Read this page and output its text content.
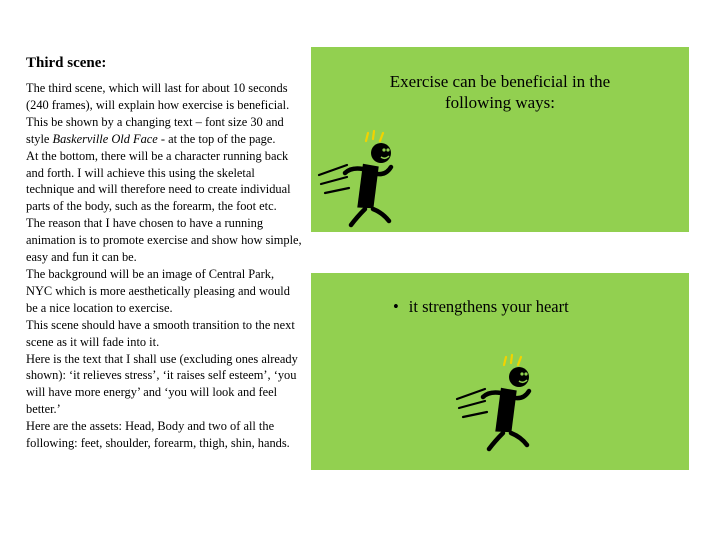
Third scene:

The third scene, which will last for about 10 seconds (240 frames), will explain how exercise is beneficial. This be shown by a changing text – font size 30 and style Baskerville Old Face - at the top of the page.

At the bottom, there will be a character running back and forth. I will achieve this using the skeletal technique and will therefore need to create individual parts of the body, such as the forearm, the foot etc.

The reason that I have chosen to have a running animation is to promote exercise and show how simple, easy and fun it can be.

The background will be an image of Central Park, NYC which is more aesthetically pleasing and would be a nice location to exercise.

This scene should have a smooth transition to the next scene as it will fade into it.

Here is the text that I shall use (excluding ones already shown): ‘it relieves stress’, ‘it raises self esteem’, ‘you will have more energy’ and ‘you will look and feel better.’

Here are the assets: Head, Body and two of all the following: feet, shoulder, forearm, thigh, shin, hands.

Exercise can be beneficial in the
following ways:
• it strengthens your heart
